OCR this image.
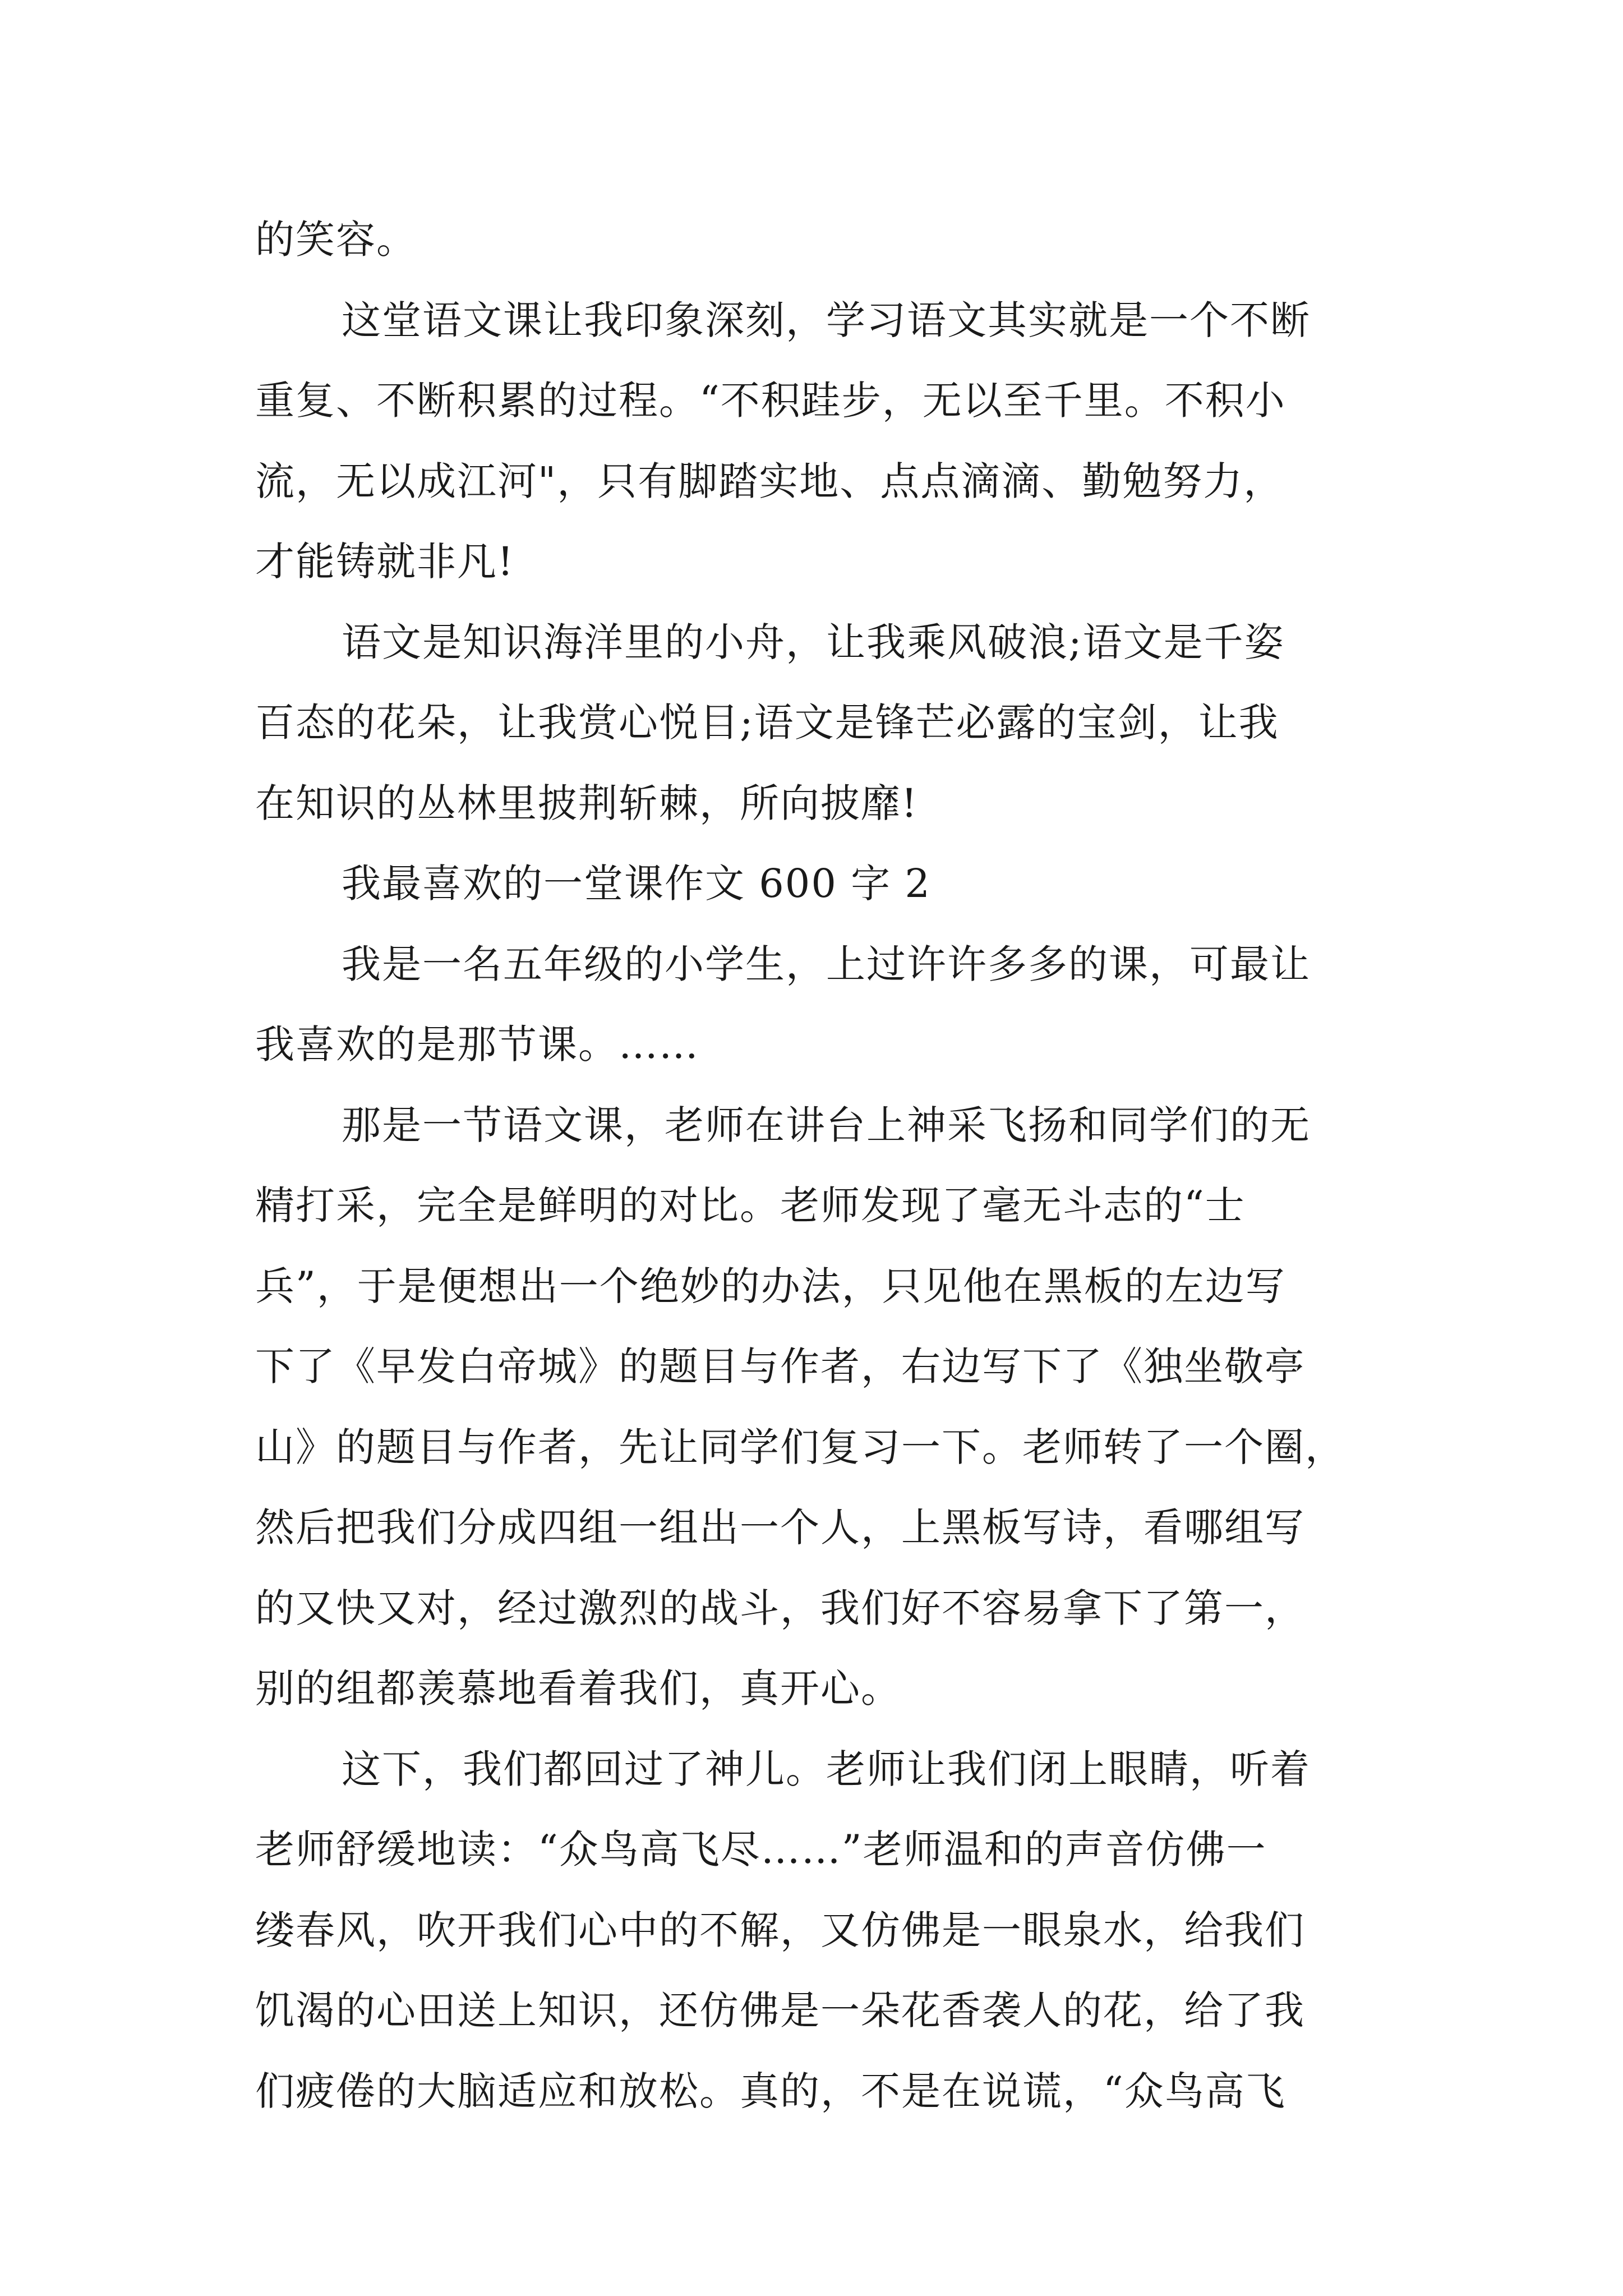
的笑容。
这堂语文课让我印象深刻，学习语文其实就是一个不断
重复、不断积累的过程。“不积跬步，无以至千里。不积小
流，无以成江河"，只有脚踏实地、点点滴滴、勤勉努力，
才能铸就非凡!
语文是知识海洋里的小舟，让我乘风破浪;语文是千姿
百态的花朵，让我赏心悦目;语文是锋芒必露的宝剑，让我
在知识的丛林里披荆斩棘，所向披靡!
我最喜欢的一堂课作文 600 字 2
我是一名五年级的小学生，上过许许多多的课，可最让
我喜欢的是那节课。……
那是一节语文课，老师在讲台上神采飞扬和同学们的无
精打采，完全是鲜明的对比。老师发现了毫无斗志的“士
兵”，于是便想出一个绝妙的办法，只见他在黑板的左边写
下了《早发白帝城》的题目与作者，右边写下了《独坐敬亭
山》的题目与作者，先让同学们复习一下。老师转了一个圈，
然后把我们分成四组一组出一个人，上黑板写诗，看哪组写
的又快又对，经过激烈的战斗，我们好不容易拿下了第一，
别的组都羡慕地看着我们，真开心。
这下，我们都回过了神儿。老师让我们闭上眼睛，听着
老师舒缓地读：“众鸟高飞尽……”老师温和的声音仿佛一
缕春风，吹开我们心中的不解，又仿佛是一眼泉水，给我们
饥渴的心田送上知识，还仿佛是一朵花香袭人的花，给了我
们疲倦的大脑适应和放松。真的，不是在说谎，“众鸟高飞
